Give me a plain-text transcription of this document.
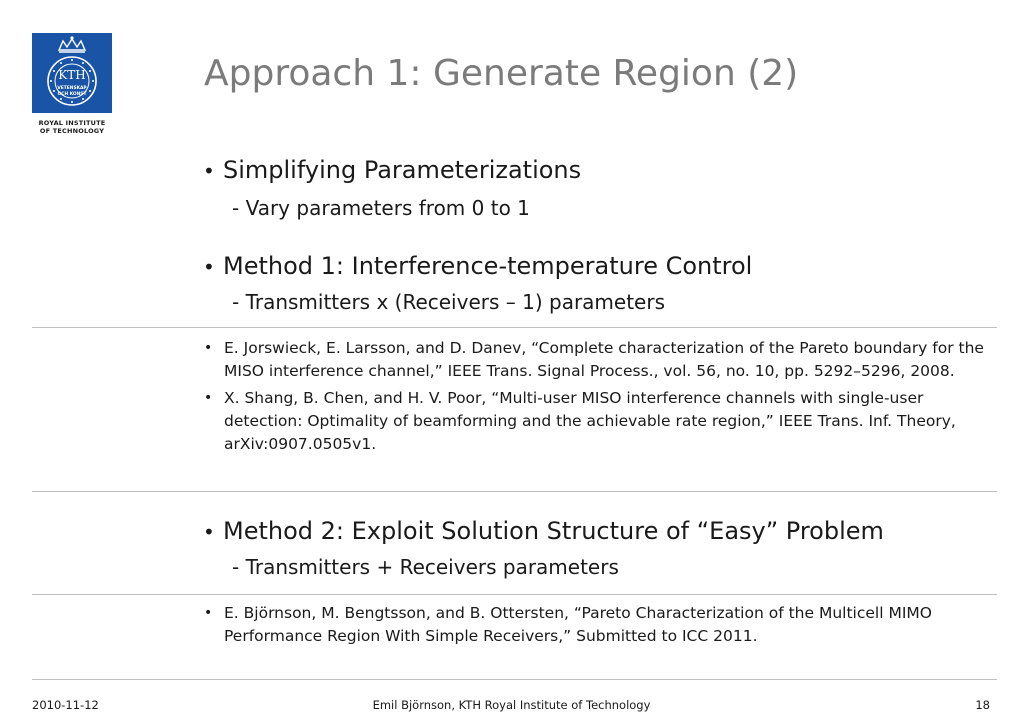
KTH
VETENSKAP
OCH KONST
ROYAL INSTITUTE
OF TECHNOLOGY
Approach 1: Generate Region (2)

• Simplifying Parameterizations

- Vary parameters from 0 to 1

• Method 1: Interference-temperature Control

- Transmitters x (Receivers – 1) parameters

• E. Jorswieck, E. Larsson, and D. Danev, “Complete characterization of the Pareto boundary for the MISO interference channel,” IEEE Trans. Signal Process., vol. 56, no. 10, pp. 5292–5296, 2008.
• X. Shang, B. Chen, and H. V. Poor, “Multi-user MISO interference channels with single-user detection: Optimality of beamforming and the achievable rate region,” IEEE Trans. Inf. Theory, arXiv:0907.0505v1.

• Method 2: Exploit Solution Structure of “Easy” Problem

- Transmitters + Receivers parameters

• E. Björnson, M. Bengtsson, and B. Ottersten, “Pareto Characterization of the Multicell MIMO Performance Region With Simple Receivers,” Submitted to ICC 2011.
2010-11-12	Emil Björnson, KTH Royal Institute of Technology	18
